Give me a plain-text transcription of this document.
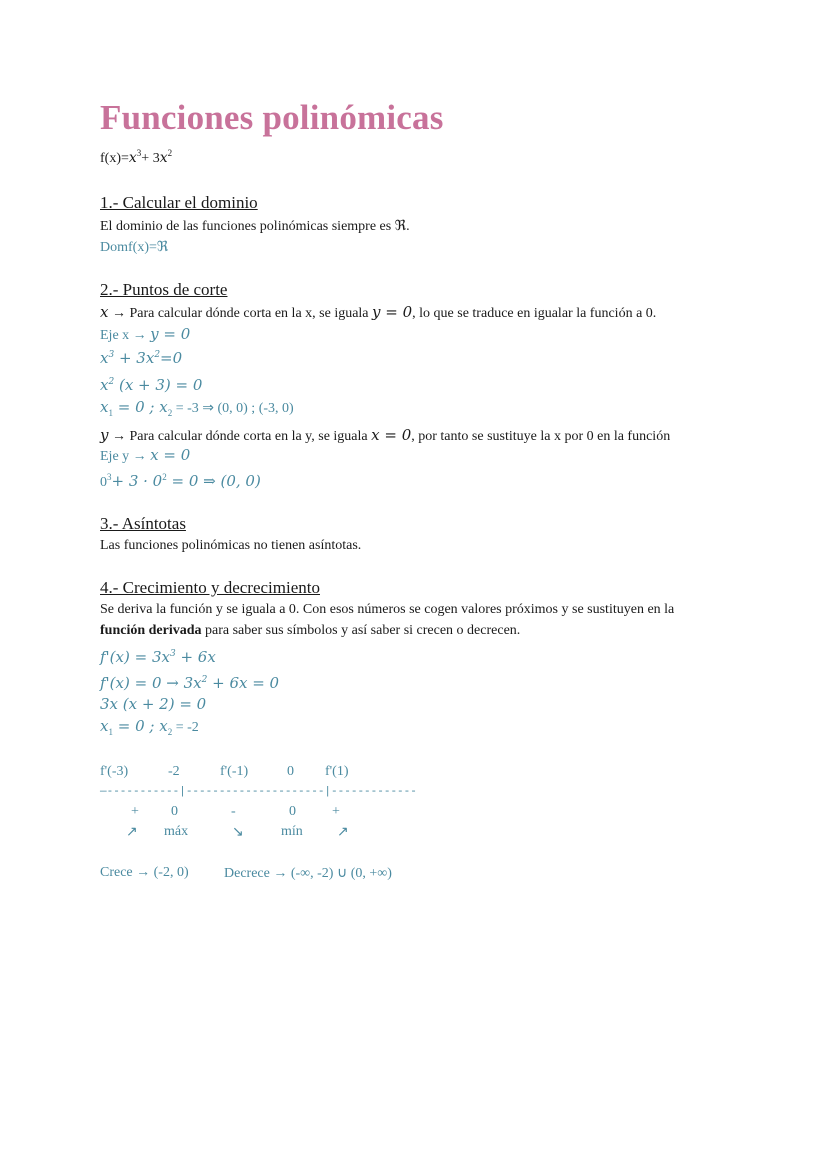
Funciones polinómicas
$f(x)=x^3+ 3x^2$
1.- Calcular el dominio
El dominio de las funciones polinómicas siempre es ℜ.
Domf(x)=ℜ
2.- Puntos de corte
x → Para calcular dónde corta en la x, se iguala y = 0, lo que se traduce en igualar la función a 0.
Eje x → y = 0
$x^3 + 3x^2=0$
$x^2$ (x + 3) = 0
$x_1 = 0$ ; $x_2 = -3$ ⇒ (0, 0) ; (-3, 0)
y → Para calcular dónde corta en la y, se iguala x = 0, por tanto se sustituye la x por 0 en la función
Eje y → x = 0
$0^3+ 3 \cdot 0^2 = 0$ ⇒ (0, 0)
3.- Asíntotas
Las funciones polinómicas no tienen asíntotas.
4.- Crecimiento y decrecimiento
Se deriva la función y se iguala a 0. Con esos números se cogen valores próximos y se sustituyen en la
función derivada para saber sus símbolos y así saber si crecen o decrecen.
$f'(x) = 3x^3 + 6x$
$f'(x) = 0 \to 3x^2 + 6x = 0$
3x (x + 2) = 0
$x_1 = 0$ ; $x_2 = -2$
f'(-3)	-2	f'(-1)	0 f'(1)
—-----------|---------------------|-------------
+ 0	-	0	+
↗ máx	↘	mín ↗
Crece → (-2, 0)	Decrece → (-∞, -2) ∪ (0, +∞)
